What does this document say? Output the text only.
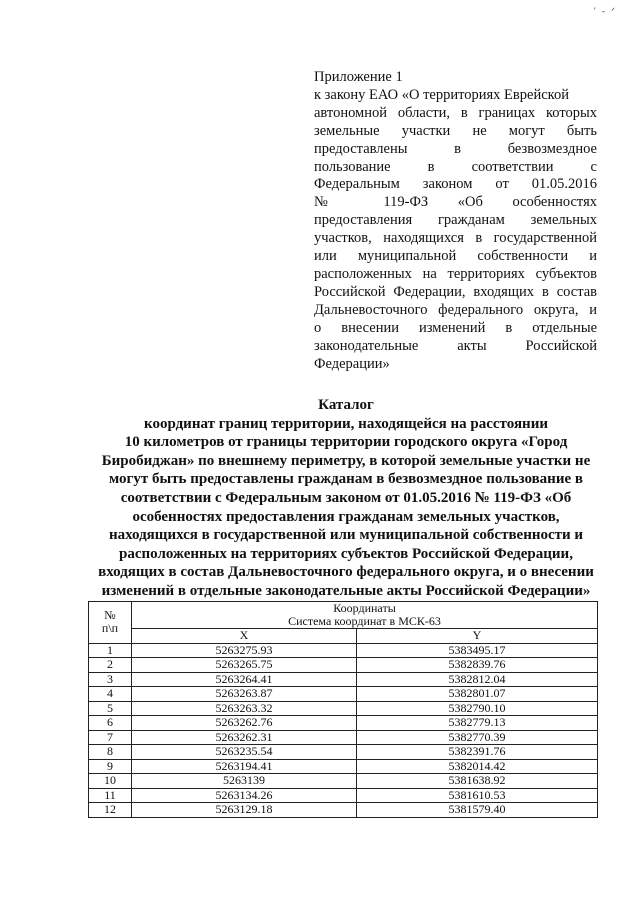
' ‑ ᐟ
Приложение 1
к закону ЕАО «О территориях Еврейской
автономной области, в границах которых
земельные участки не могут быть
предоставлены в безвозмездное
пользование в соответствии с
Федеральным законом от 01.05.2016
№ 119-ФЗ «Об особенностях
предоставления гражданам земельных
участков, находящихся в государственной
или муниципальной собственности и
расположенных на территориях субъектов
Российской Федерации, входящих в состав
Дальневосточного федерального округа, и
о внесении изменений в отдельные
законодательные акты Российской
Федерации»
Каталог
координат границ территории, находящейся на расстоянии
10 километров от границы территории городского округа «Город
Биробиджан» по внешнему периметру, в которой земельные участки не
могут быть предоставлены гражданам в безвозмездное пользование в
соответствии с Федеральным законом от 01.05.2016 № 119-ФЗ «Об
особенностях предоставления гражданам земельных участков,
находящихся в государственной или муниципальной собственности и
расположенных на территориях субъектов Российской Федерации,
входящих в состав Дальневосточного федерального округа, и о внесении
изменений в отдельные законодательные акты Российской Федерации»
№
п\п	Координаты
Система координат в МСК-63	
	X	Y
1	5263275.93	5383495.17
2	5263265.75	5382839.76
3	5263264.41	5382812.04
4	5263263.87	5382801.07
5	5263263.32	5382790.10
6	5263262.76	5382779.13
7	5263262.31	5382770.39
8	5263235.54	5382391.76
9	5263194.41	5382014.42
10	5263139	5381638.92
11	5263134.26	5381610.53
12	5263129.18	5381579.40
